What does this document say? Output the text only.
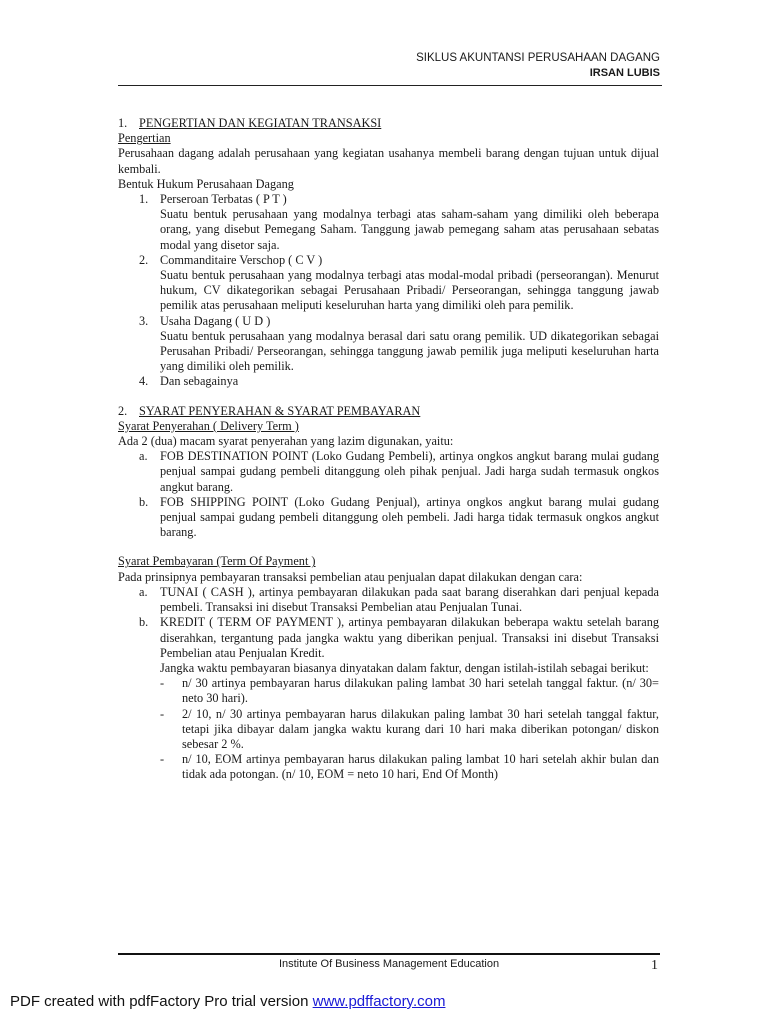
SIKLUS AKUNTANSI PERUSAHAAN DAGANG
IRSAN LUBIS

1. PENGERTIAN DAN KEGIATAN TRANSAKSI

Pengertian

Perusahaan dagang adalah perusahaan yang kegiatan usahanya membeli barang dengan tujuan untuk dijual kembali.

Bentuk Hukum Perusahaan Dagang

1. Perseroan Terbatas ( P T )

Suatu bentuk perusahaan yang modalnya terbagi atas saham-saham yang dimiliki oleh beberapa orang, yang disebut Pemegang Saham. Tanggung jawab pemegang saham atas perusahaan sebatas modal yang disetor saja.

2. Commanditaire Verschop ( C V )

Suatu bentuk perusahaan yang modalnya terbagi atas modal-modal pribadi (perseorangan). Menurut hukum, CV dikategorikan sebagai Perusahaan Pribadi/ Perseorangan, sehingga tanggung jawab pemilik atas perusahaan meliputi keseluruhan harta yang dimiliki oleh para pemilik.

3. Usaha Dagang ( U D )

Suatu bentuk perusahaan yang modalnya berasal dari satu orang pemilik. UD dikategorikan sebagai Perusahan Pribadi/ Perseorangan, sehingga tanggung jawab pemilik juga meliputi keseluruhan harta yang dimiliki oleh pemilik.

4. Dan sebagainya

2. SYARAT PENYERAHAN & SYARAT PEMBAYARAN

Syarat Penyerahan ( Delivery Term )

Ada 2 (dua) macam syarat penyerahan yang lazim digunakan, yaitu:

a. FOB DESTINATION POINT (Loko Gudang Pembeli), artinya ongkos angkut barang mulai gudang penjual sampai gudang pembeli ditanggung oleh pihak penjual. Jadi harga sudah termasuk ongkos angkut barang.

b. FOB SHIPPING POINT (Loko Gudang Penjual), artinya ongkos angkut barang mulai gudang penjual sampai gudang pembeli ditanggung oleh pembeli. Jadi harga tidak termasuk ongkos angkut barang.

Syarat Pembayaran (Term Of Payment )

Pada prinsipnya pembayaran transaksi pembelian atau penjualan dapat dilakukan dengan cara:

a. TUNAI ( CASH ), artinya pembayaran dilakukan pada saat barang diserahkan dari penjual kepada pembeli. Transaksi ini disebut Transaksi Pembelian atau Penjualan Tunai.

b. KREDIT ( TERM OF PAYMENT ), artinya pembayaran dilakukan beberapa waktu setelah barang diserahkan, tergantung pada jangka waktu yang diberikan penjual. Transaksi ini disebut Transaksi Pembelian atau Penjualan Kredit.

Jangka waktu pembayaran biasanya dinyatakan dalam faktur, dengan istilah-istilah sebagai berikut:

- n/ 30 artinya pembayaran harus dilakukan paling lambat 30 hari setelah tanggal faktur. (n/ 30= neto 30 hari).

- 2/ 10, n/ 30 artinya pembayaran harus dilakukan paling lambat 30 hari setelah tanggal faktur, tetapi jika dibayar dalam jangka waktu kurang dari 10 hari maka diberikan potongan/ diskon sebesar 2 %.

- n/ 10, EOM artinya pembayaran harus dilakukan paling lambat 10 hari setelah akhir bulan dan tidak ada potongan. (n/ 10, EOM = neto 10 hari, End Of Month)

Institute Of Business Management Education	1
PDF created with pdfFactory Pro trial version www.pdffactory.com
